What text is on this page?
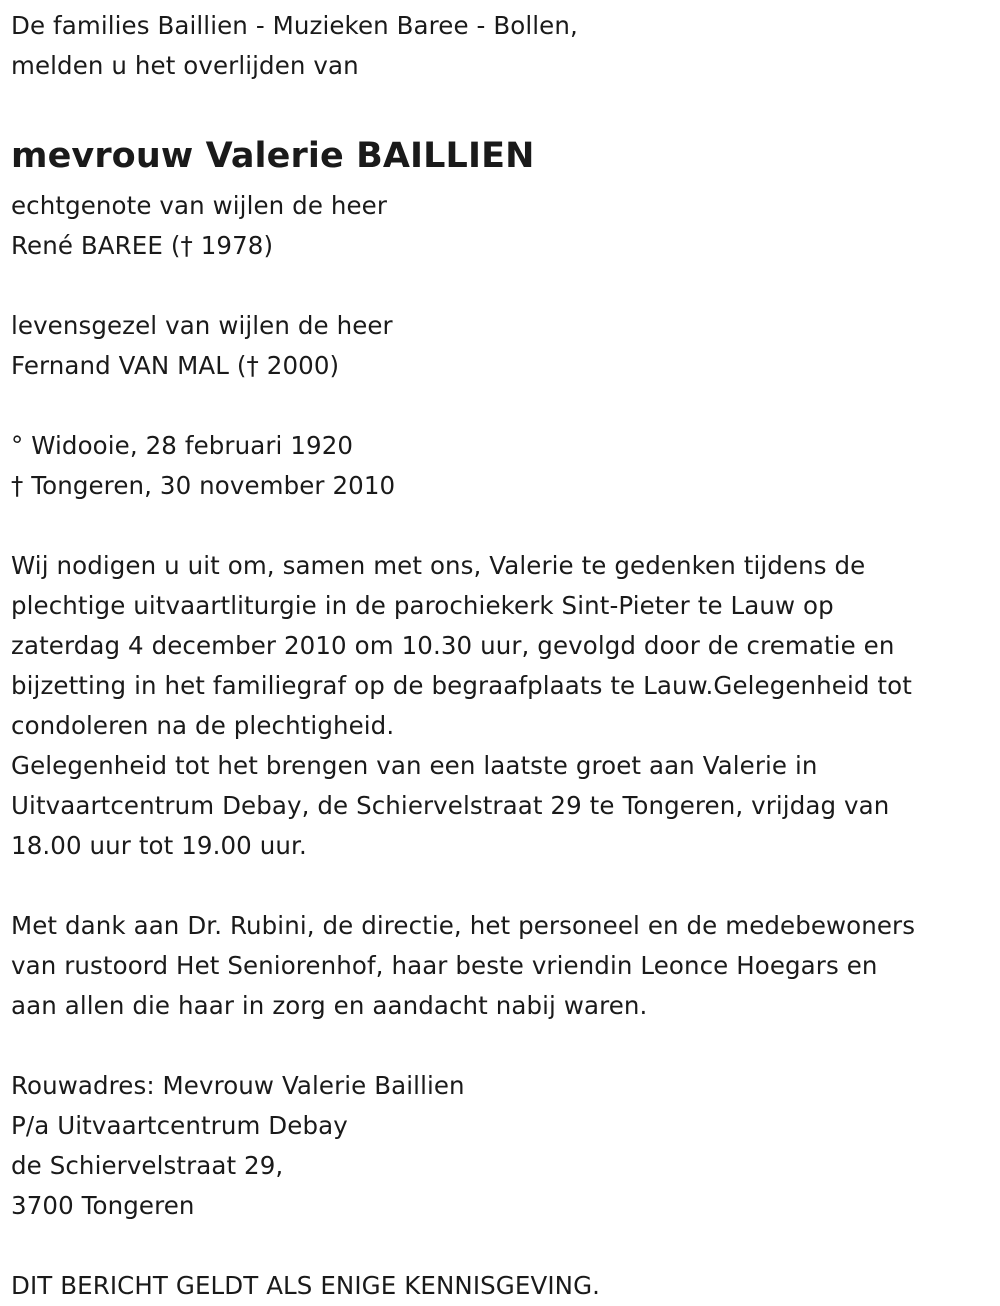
De families Baillien - Muzieken Baree - Bollen,
melden u het overlijden van
mevrouw Valerie BAILLIEN
echtgenote van wijlen de heer
René BAREE († 1978)
levensgezel van wijlen de heer
Fernand VAN MAL († 2000)
° Widooie, 28 februari 1920
† Tongeren, 30 november 2010
Wij nodigen u uit om, samen met ons, Valerie te gedenken tijdens de
plechtige uitvaartliturgie in de parochiekerk Sint-Pieter te Lauw op
zaterdag 4 december 2010 om 10.30 uur, gevolgd door de crematie en
bijzetting in het familiegraf op de begraafplaats te Lauw.Gelegenheid tot
condoleren na de plechtigheid.
Gelegenheid tot het brengen van een laatste groet aan Valerie in
Uitvaartcentrum Debay, de Schiervelstraat 29 te Tongeren, vrijdag van
18.00 uur tot 19.00 uur.
Met dank aan Dr. Rubini, de directie, het personeel en de medebewoners
van rustoord Het Seniorenhof, haar beste vriendin Leonce Hoegars en
aan allen die haar in zorg en aandacht nabij waren.
Rouwadres: Mevrouw Valerie Baillien
P/a Uitvaartcentrum Debay
de Schiervelstraat 29,
3700 Tongeren
DIT BERICHT GELDT ALS ENIGE KENNISGEVING.
